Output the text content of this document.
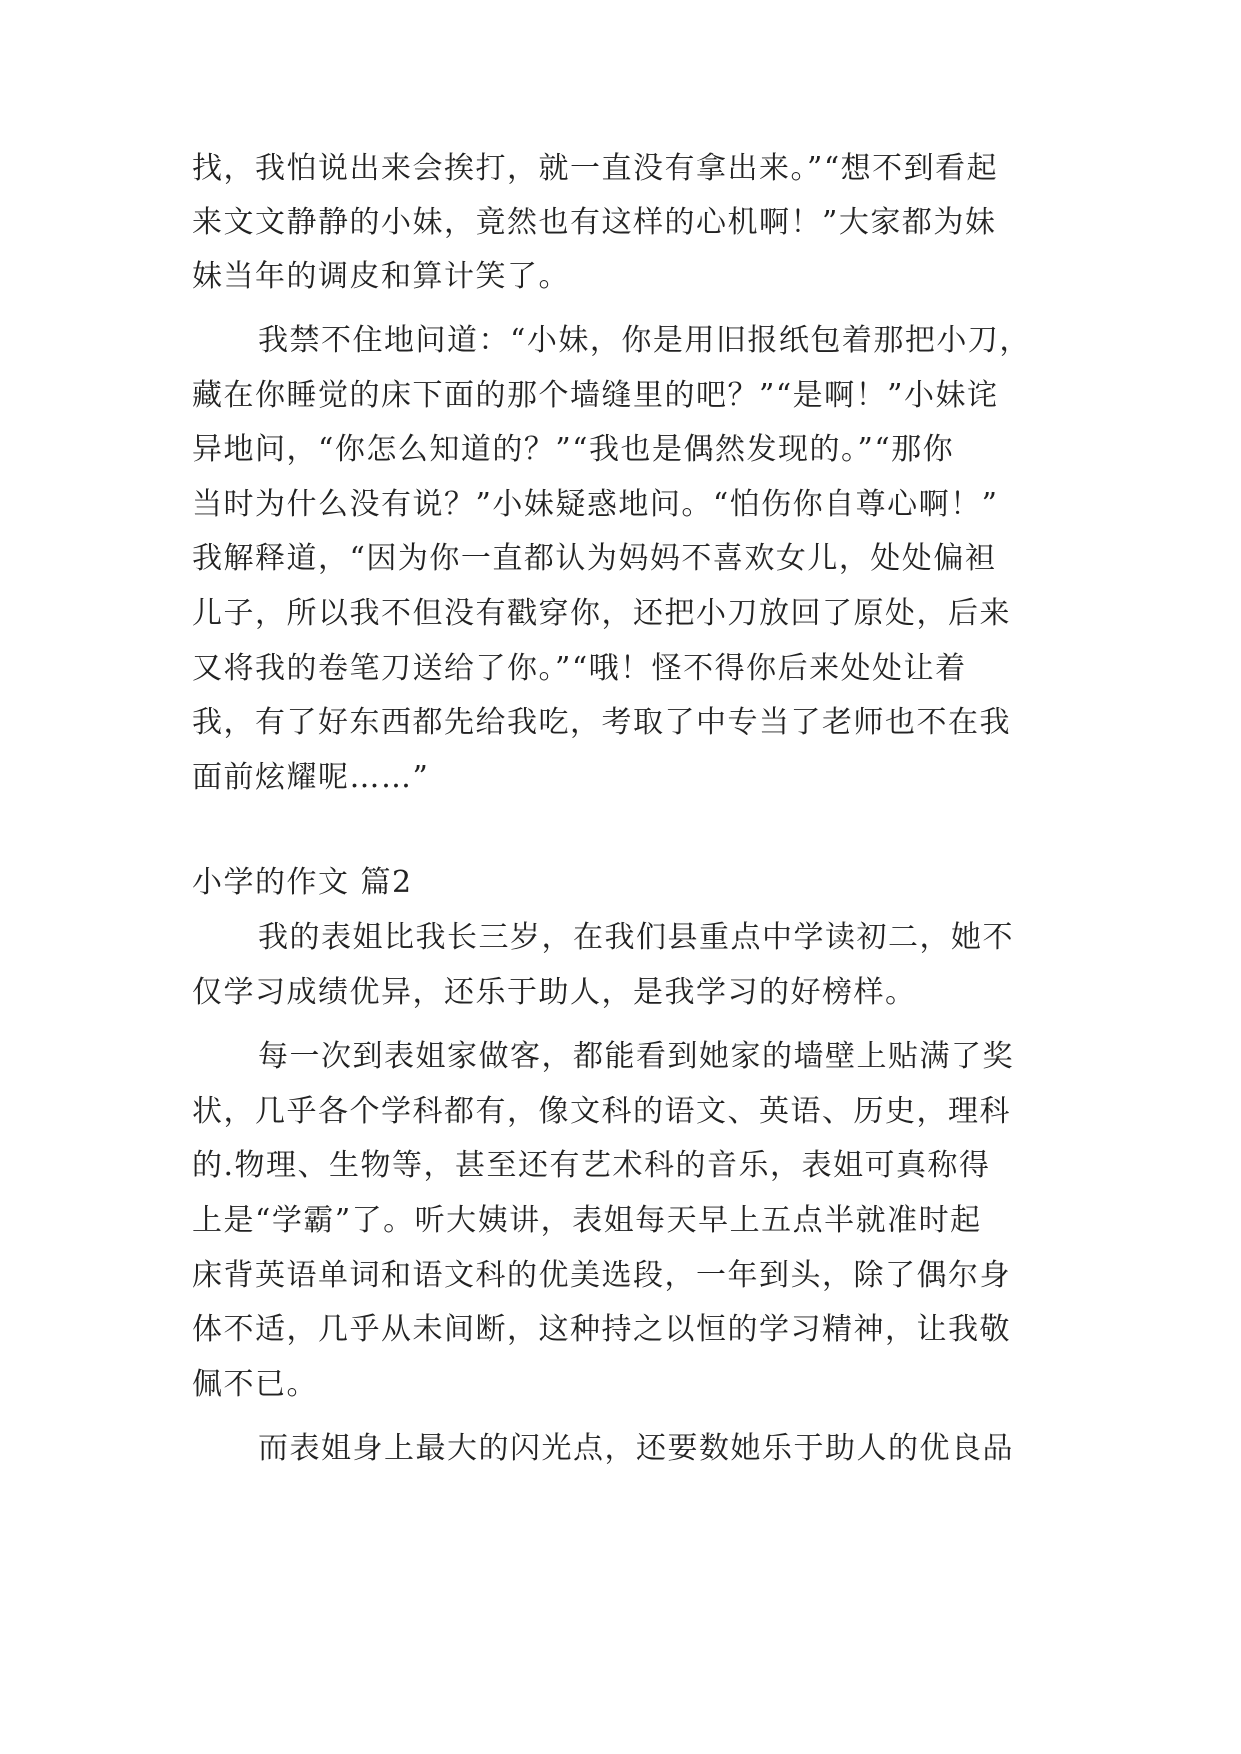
找，我怕说出来会挨打，就一直没有拿出来。”“想不到看起
来文文静静的小妹，竟然也有这样的心机啊！”大家都为妹
妹当年的调皮和算计笑了。
我禁不住地问道：“小妹，你是用旧报纸包着那把小刀，
藏在你睡觉的床下面的那个墙缝里的吧？”“是啊！”小妹诧
异地问，“你怎么知道的？”“我也是偶然发现的。”“那你
当时为什么没有说？”小妹疑惑地问。“怕伤你自尊心啊！”
我解释道，“因为你一直都认为妈妈不喜欢女儿，处处偏袒
儿子，所以我不但没有戳穿你，还把小刀放回了原处，后来
又将我的卷笔刀送给了你。”“哦！怪不得你后来处处让着
我，有了好东西都先给我吃，考取了中专当了老师也不在我
面前炫耀呢……”
小学的作文 篇2
我的表姐比我长三岁，在我们县重点中学读初二，她不
仅学习成绩优异，还乐于助人，是我学习的好榜样。
每一次到表姐家做客，都能看到她家的墙壁上贴满了奖
状，几乎各个学科都有，像文科的语文、英语、历史，理科
的.物理、生物等，甚至还有艺术科的音乐，表姐可真称得
上是“学霸”了。听大姨讲，表姐每天早上五点半就准时起
床背英语单词和语文科的优美选段，一年到头，除了偶尔身
体不适，几乎从未间断，这种持之以恒的学习精神，让我敬
佩不已。
而表姐身上最大的闪光点，还要数她乐于助人的优良品
